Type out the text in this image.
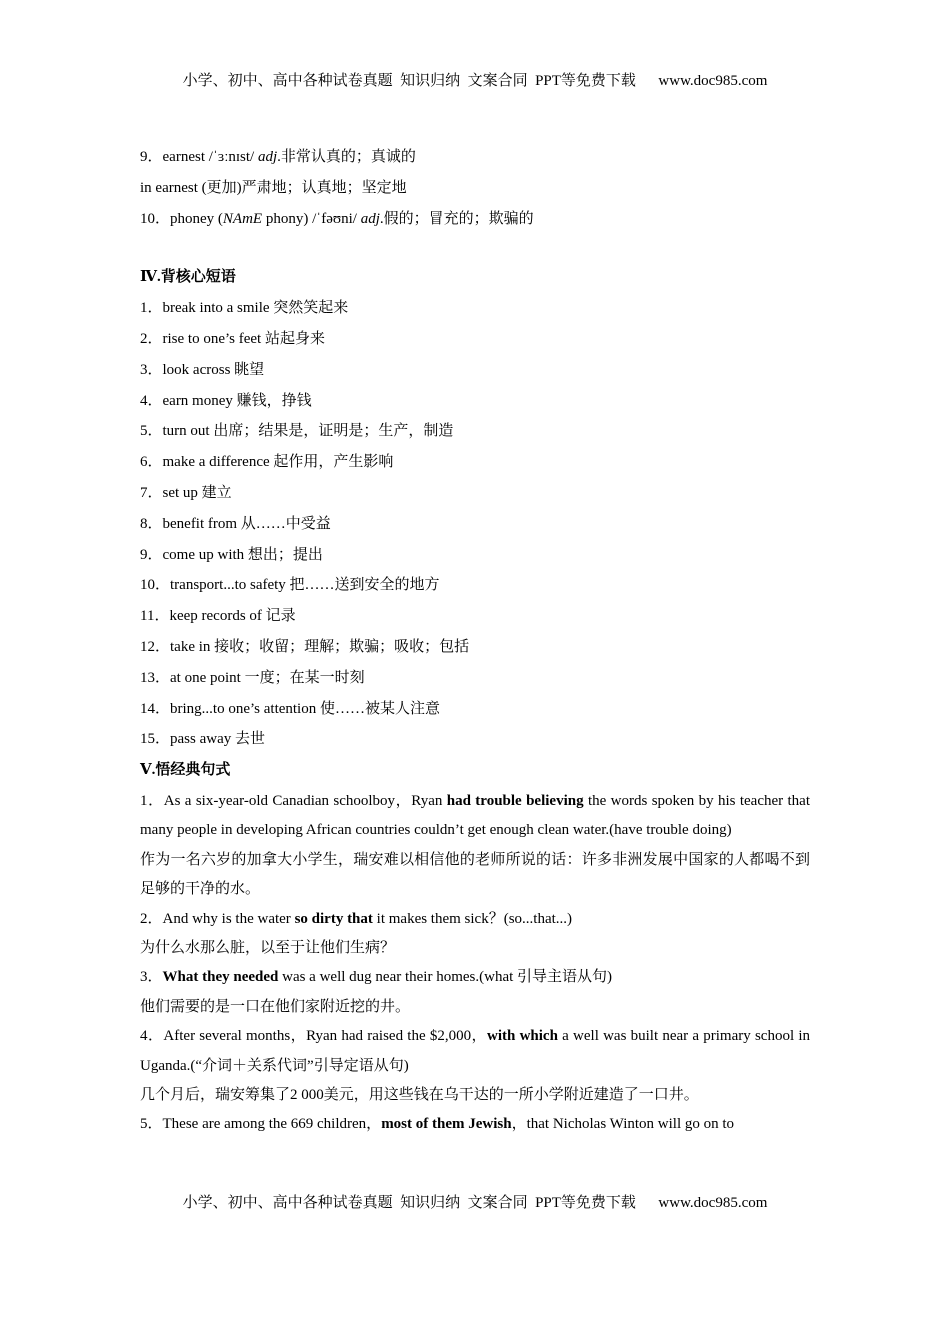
小学、初中、高中各种试卷真题  知识归纳  文案合同  PPT等免费下载      www.doc985.com
9．earnest /ˈɜːnɪst/ adj.非常认真的；真诚的
in earnest (更加)严肃地；认真地；坚定地
10．phoney (NAmE phony) /ˈfəʊni/ adj.假的；冒充的；欺骗的
Ⅳ.背核心短语
1．break into a smile 突然笑起来
2．rise to one’s feet 站起身来
3．look across 眺望
4．earn money 赚钱，挣钱
5．turn out 出席；结果是，证明是；生产，制造
6．make a difference 起作用，产生影响
7．set up 建立
8．benefit from 从……中受益
9．come up with 想出；提出
10．transport...to safety 把……送到安全的地方
11．keep records of 记录
12．take in 接收；收留；理解；欺骗；吸收；包括
13．at one point 一度；在某一时刻
14．bring...to one’s attention 使……被某人注意
15．pass away 去世
Ⅴ.悟经典句式

1．As a six-year-old Canadian schoolboy，Ryan had trouble believing the words spoken by his teacher that many people in developing African countries couldn’t get enough clean water.(have trouble doing)

作为一名六岁的加拿大小学生，瑞安难以相信他的老师所说的话：许多非洲发展中国家的人都喝不到足够的干净的水。

2．And why is the water so dirty that it makes them sick？(so...that...)

为什么水那么脏，以至于让他们生病？

3．What they needed was a well dug near their homes.(what 引导主语从句)

他们需要的是一口在他们家附近挖的井。

4．After several months，Ryan had raised the $2,000，with which a well was built near a primary school in Uganda.(“介词＋关系代词”引导定语从句)

几个月后，瑞安筹集了2 000美元，用这些钱在乌干达的一所小学附近建造了一口井。

5．These are among the 669 children，most of them Jewish，that Nicholas Winton will go on to

小学、初中、高中各种试卷真题  知识归纳  文案合同  PPT等免费下载      www.doc985.com
